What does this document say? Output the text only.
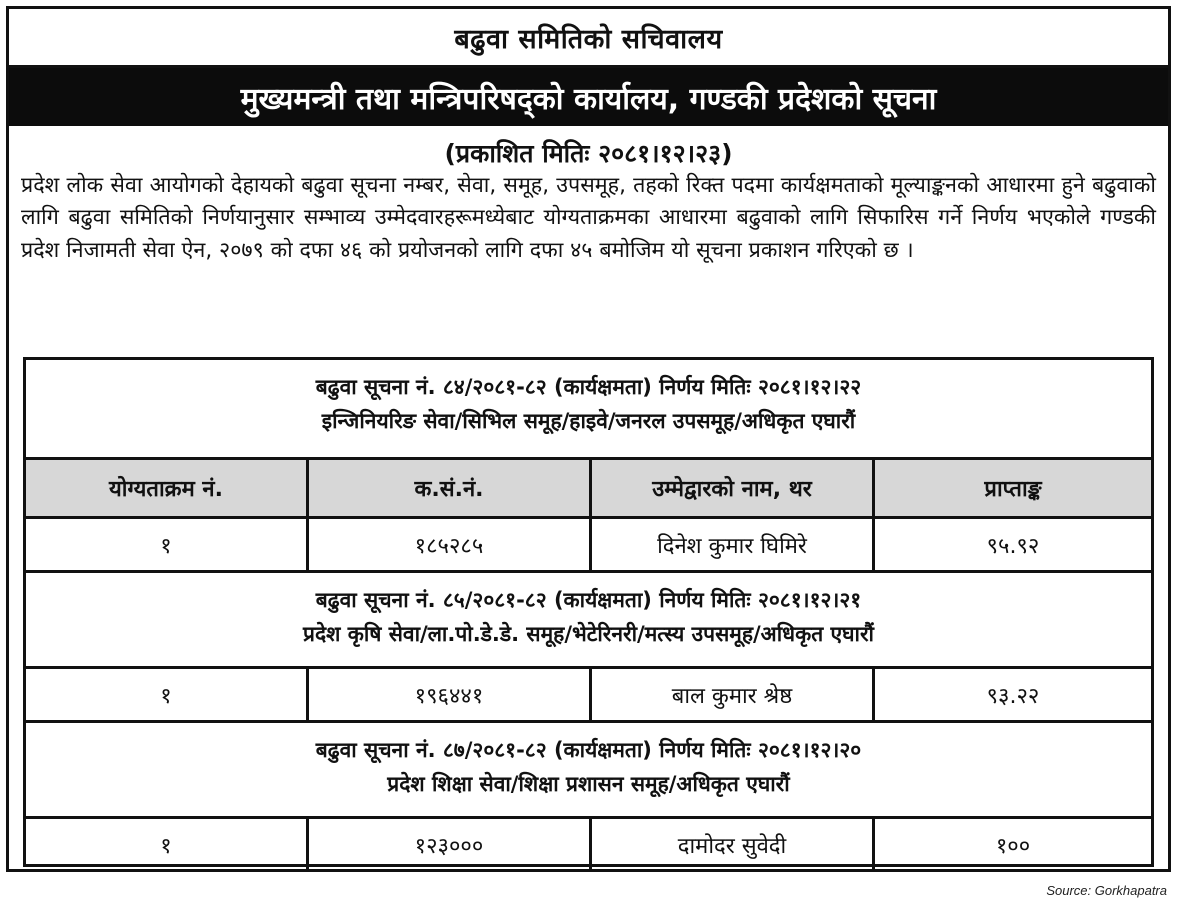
बढुवा समितिको सचिवालय
मुख्यमन्त्री तथा मन्त्रिपरिषद्को कार्यालय, गण्डकी प्रदेशको सूचना
(प्रकाशित मितिः २०८१।१२।२३)
प्रदेश लोक सेवा आयोगको देहायको बढुवा सूचना नम्बर, सेवा, समूह, उपसमूह, तहको रिक्त पदमा कार्यक्षमताको मूल्याङ्कनको आधारमा हुने बढुवाको लागि बढुवा समितिको निर्णयानुसार सम्भाव्य उम्मेदवारहरूमध्येबाट योग्यताक्रमका आधारमा बढुवाको लागि सिफारिस गर्ने निर्णय भएकोले गण्डकी प्रदेश निजामती सेवा ऐन, २०७९ को दफा ४६ को प्रयोजनको लागि दफा ४५ बमोजिम यो सूचना प्रकाशन गरिएको छ ।
बढुवा सूचना नं. ८४/२०८१-८२ (कार्यक्षमता) निर्णय मितिः २०८१।१२।२२
इन्जिनियरिङ सेवा/सिभिल समूह/हाइवे/जनरल उपसमूह/अधिकृत एघारौं
योग्यताक्रम नं.	क.सं.नं.	उम्मेद्वारको नाम, थर	प्राप्ताङ्क
१	१८५२८५	दिनेश कुमार घिमिरे	९५.९२
बढुवा सूचना नं. ८५/२०८१-८२ (कार्यक्षमता) निर्णय मितिः २०८१।१२।२१
प्रदेश कृषि सेवा/ला.पो.डे.डे. समूह/भेटेरिनरी/मत्स्य उपसमूह/अधिकृत एघारौं
१	१९६४४१	बाल कुमार श्रेष्ठ	९३.२२
बढुवा सूचना नं. ८७/२०८१-८२ (कार्यक्षमता) निर्णय मितिः २०८१।१२।२०
प्रदेश शिक्षा सेवा/शिक्षा प्रशासन समूह/अधिकृत एघारौं
१	१२३०००	दामोदर सुवेदी	१००
Source: Gorkhapatra
